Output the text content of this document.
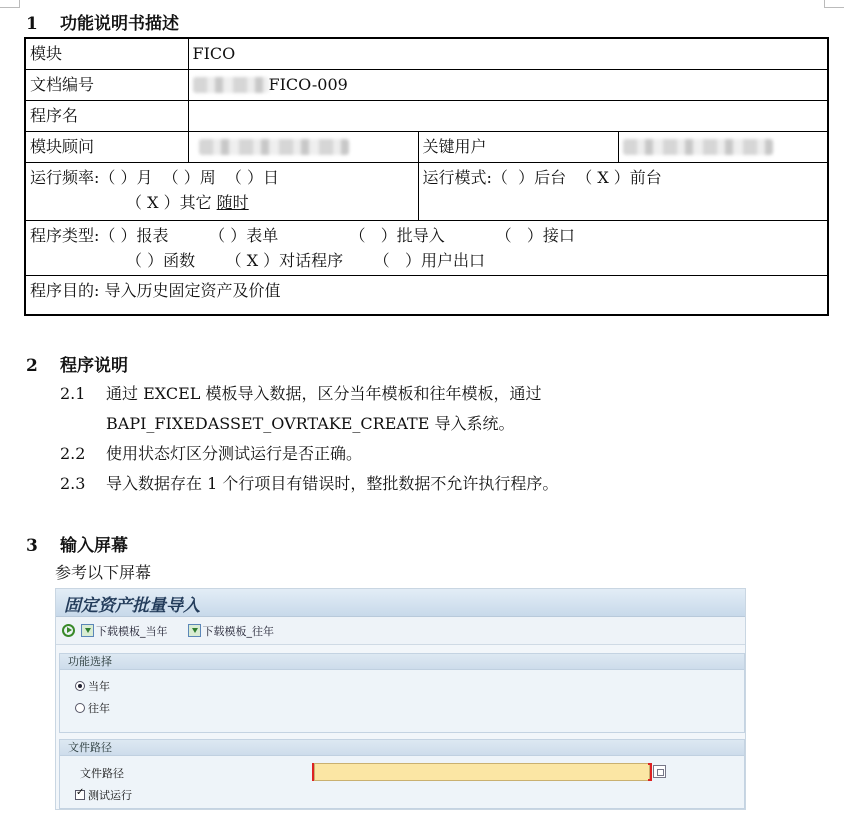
1 功能说明书描述
模块	FICO		
文档编号	FICO-009		
程序名			
模块顾问		关键用户	
运行频率:（ ）月  （ ）周  （ ）日
（ X ）其它 随时		运行模式:（  ）后台  （ X ）前台	
程序类型:（ ）报表        （ ）表单              （   ）批导入          （   ）接口
（ ）函数      （ X ）对话程序      （   ）用户出口			
程序目的: 导入历史固定资产及价值			
2 程序说明
2.1 通过 EXCEL 模板导入数据，区分当年模板和往年模板，通过
BAPI_FIXEDASSET_OVRTAKE_CREATE 导入系统。
2.2 使用状态灯区分测试运行是否正确。
2.3 导入数据存在 1 个行项目有错误时，整批数据不允许执行程序。
3 输入屏幕
参考以下屏幕
固定资产批量导入
下载模板_当年	下载模板_往年
功能选择
当年
往年
文件路径
文件路径
✓
测试运行
